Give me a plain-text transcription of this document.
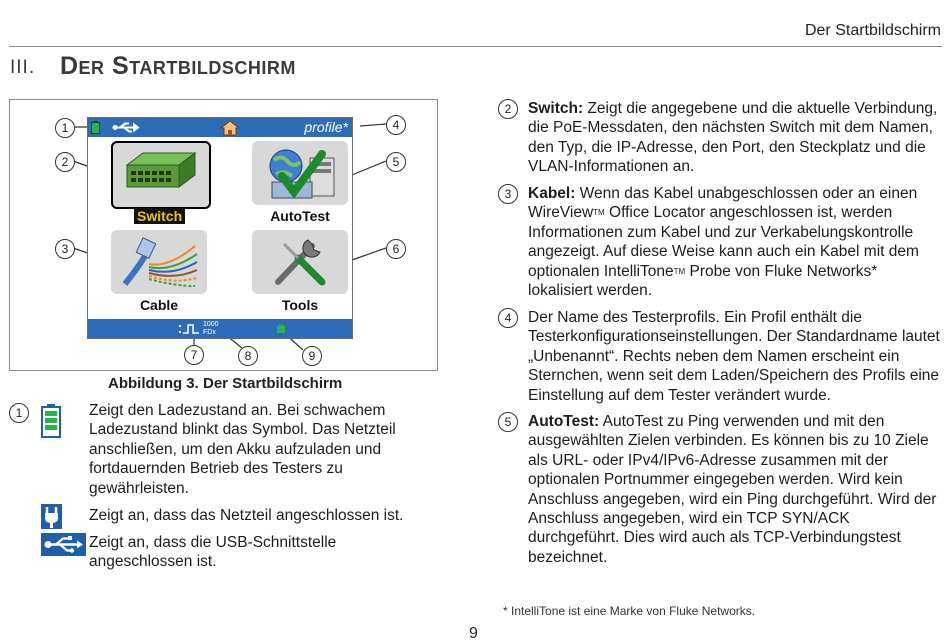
Der Startbildschirm
III. Der Startbildschirm
profile*
Switch	AutoTest
Cable	Tools
1000
FDx
1
2
3
4
5
6
7	8	9
Abbildung 3. Der Startbildschirm
1	Zeigt den Ladezustand an. Bei schwachem Ladezustand blinkt das Symbol. Das Netzteil anschließen, um den Akku aufzuladen und fortdauernden Betrieb des Testers zu gewährleisten.
Zeigt an, dass das Netzteil angeschlossen ist.
Zeigt an, dass die USB-Schnittstelle angeschlossen ist.
2	Switch: Zeigt die angegebene und die aktuelle Verbindung, die PoE-Messdaten, den nächsten Switch mit dem Namen, den Typ, die IP-Adresse, den Port, den Steckplatz und die VLAN-Informationen an.
3	Kabel: Wenn das Kabel unabgeschlossen oder an einen WireViewTM Office Locator angeschlossen ist, werden Informationen zum Kabel und zur Verkabelungskontrolle angezeigt. Auf diese Weise kann auch ein Kabel mit dem optionalen IntelliToneTM Probe von Fluke Networks* lokalisiert werden.
4	Der Name des Testerprofils. Ein Profil enthält die Testerkonfigurationseinstellungen. Der Standardname lautet „Unbenannt“. Rechts neben dem Namen erscheint ein Sternchen, wenn seit dem Laden/Speichern des Profils eine Einstellung auf dem Tester verändert wurde.
5	AutoTest: AutoTest zu Ping verwenden und mit den ausgewählten Zielen verbinden. Es können bis zu 10 Ziele als URL- oder IPv4/IPv6-Adresse zusammen mit der optionalen Portnummer eingegeben werden. Wird kein Anschluss angegeben, wird ein Ping durchgeführt. Wird der Anschluss angegeben, wird ein TCP SYN/ACK durchgeführt. Dies wird auch als TCP-Verbindungstest bezeichnet.
* IntelliTone ist eine Marke von Fluke Networks.
9
